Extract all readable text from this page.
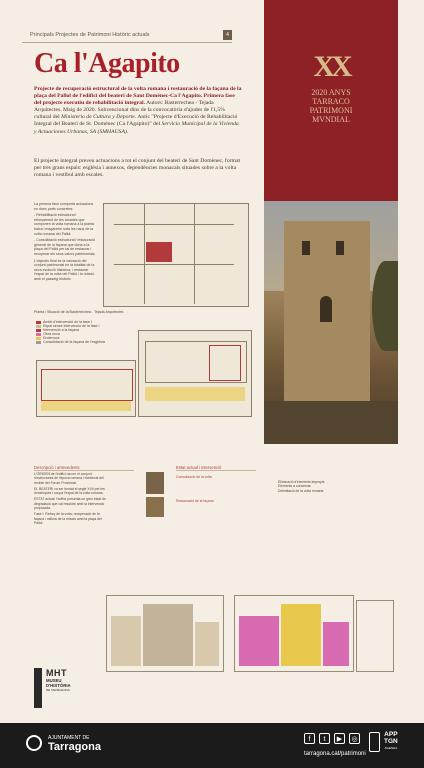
Principals Projectes de Patrimoni Històric actuals	4
Ca l'Agapito
Projecte de recuperació estructural de la volta romana i restauració de la façana de la plaça del Pallol de l'edifici del beateri de Sant Domènec-Ca l'Agapito. Primera fase del projecte executiu de rehabilitació integral. Autors: Basterrechea - Tejada Arquitectes. Maig de 2020. Subvencionat dins de la convocatòria d'ajudes de l'1,5% cultural del Ministerio de Cultura y Deporte. Antic "Projecte d'Execució de Rehabilitació Integral del Beateri de St. Domènec (Ca l'Agapito)" del Servicio Municipal de la Vivienda y Actuaciones Urbanas, SA (SMHAUSA).
El projecte integral preveu actuacions a tot el conjunt del beateri de Sant Domènec, format per tres grans espais: església i annexos, dependències monacals situades sobre a la volta romana i vestíbul amb escales.
XX
2020 ANYS
TARRACO
PATRIMONI
MVNDIAL
La primera fase comporta actuacions en dues parts concretes:
- Rehabilitació estructural i reforçament de les arcades que componen la volta romana a la planta baixa i magatzem sota les naus de la volta romana del Pallol.
- Consolidació estructural i restauració general de la façana que dóna a la plaça del Pallol per tal de restaurar i recuperar els seus valors patrimonials.
L'objectiu final és la valoració del conjunt patrimonial en la totalitat de la seva evolució històrica, i restaurar l'espai de la volta del Pallol i la relació amb el passeig històric.
Planta i Situació de la Basterrechea - Tejada Arquitectes
Àmbit d'intervenció de la fase I
Espai sense intervenció de la fase I
Intervenció a la façana
Obra nova
Enderrocs
Consolidació de la façana de l'església
Descripció i antecedents
L'ORIGEN de l'edifici rau en el conjunt d'estructures de l'època romana i medieval del recinte del Fòrum Provincial.
EL BEATERI va ser fundat el segle XVII per les dominiques i ocupa l'espai de la volta romana.
ESTAT actual: l'edifici presenta un greu estat de degradació que cal resoldre amb la intervenció proposada.
Fase I: Reforç de la volta, recuperació de la façana i millora de la relació amb la plaça del Pallol.
Estat actual i intervenció
Consolidació de la volta
Restauració de la façana
Eliminació d'elements impropis
Elements a conservar
Delimitació de la volta romana
MHT
MUSEU
D'HISTÒRIA
DE TARRAGONA
AJUNTAMENT DE
Tarragona
f	t	▶	◎
tarragona.cat/patrimoni
APP
TGN
AGENDA
